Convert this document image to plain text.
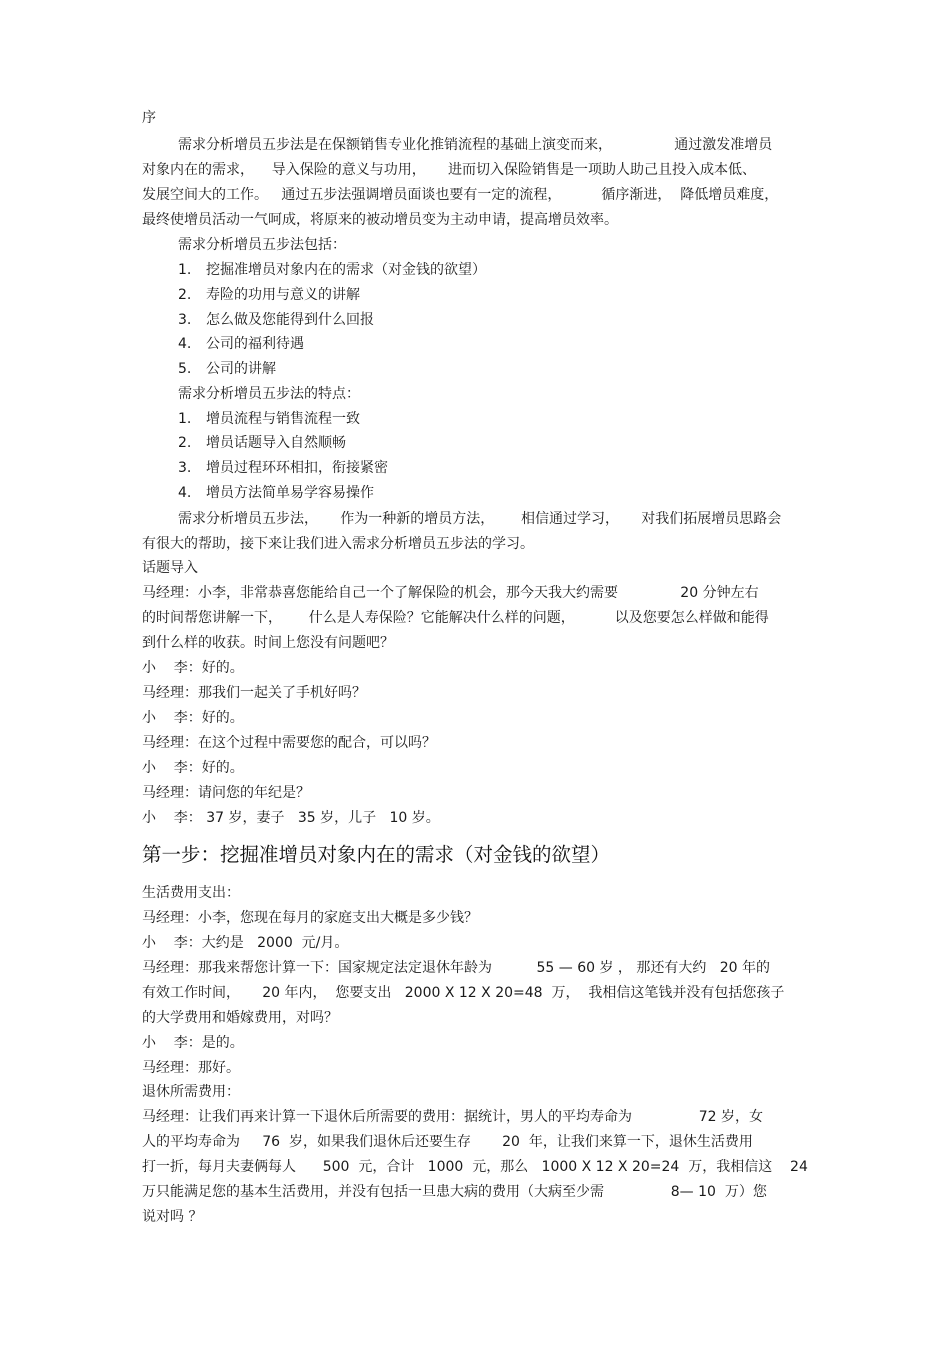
序
需求分析增员五步法是在保额销售专业化推销流程的基础上演变而来，              通过激发准增员
对象内在的需求，    导入保险的意义与功用，     进而切入保险销售是一项助人助己且投入成本低、
发展空间大的工作。   通过五步法强调增员面谈也要有一定的流程，         循序渐进，  降低增员难度，
最终使增员活动一气呵成，将原来的被动增员变为主动申请，提高增员效率。
需求分析增员五步法包括：
1. 挖掘准增员对象内在的需求（对金钱的欲望）
2. 寿险的功用与意义的讲解
3. 怎么做及您能得到什么回报
4. 公司的福利待遇
5. 公司的讲解
需求分析增员五步法的特点：
1. 增员流程与销售流程一致
2. 增员话题导入自然顺畅
3. 增员过程环环相扣，衔接紧密
4. 增员方法简单易学容易操作
需求分析增员五步法，     作为一种新的增员方法，      相信通过学习，     对我们拓展增员思路会
有很大的帮助，接下来让我们进入需求分析增员五步法的学习。
话题导入
马经理：小李，非常恭喜您能给自己一个了解保险的机会，那今天我大约需要              20 分钟左右
的时间帮您讲解一下，      什么是人寿保险？它能解决什么样的问题，         以及您要怎么样做和能得
到什么样的收获。时间上您没有问题吧？
小    李：好的。
马经理：那我们一起关了手机好吗？
小    李：好的。
马经理：在这个过程中需要您的配合，可以吗？
小    李：好的。
马经理：请问您的年纪是？
小    李： 37 岁，妻子   35 岁，儿子   10 岁。
第一步：挖掘准增员对象内在的需求（对金钱的欲望）
生活费用支出：
马经理：小李，您现在每月的家庭支出大概是多少钱？
小    李：大约是   2000  元/月。
马经理：那我来帮您计算一下：国家规定法定退休年龄为          55 — 60 岁 ， 那还有大约   20 年的
有效工作时间，     20 年内，  您要支出   2000 X 12 X 20=48  万，  我相信这笔钱并没有包括您孩子
的大学费用和婚嫁费用，对吗？
小    李：是的。
马经理：那好。
退休所需费用：
马经理：让我们再来计算一下退休后所需要的费用：据统计，男人的平均寿命为               72 岁，女
人的平均寿命为     76  岁，如果我们退休后还要生存       20  年，让我们来算一下，退休生活费用
打一折，每月夫妻俩每人      500  元，合计   1000  元，那么   1000 X 12 X 20=24  万，我相信这    24
万只能满足您的基本生活费用，并没有包括一旦患大病的费用（大病至少需               8— 10  万）您
说对吗 ？
